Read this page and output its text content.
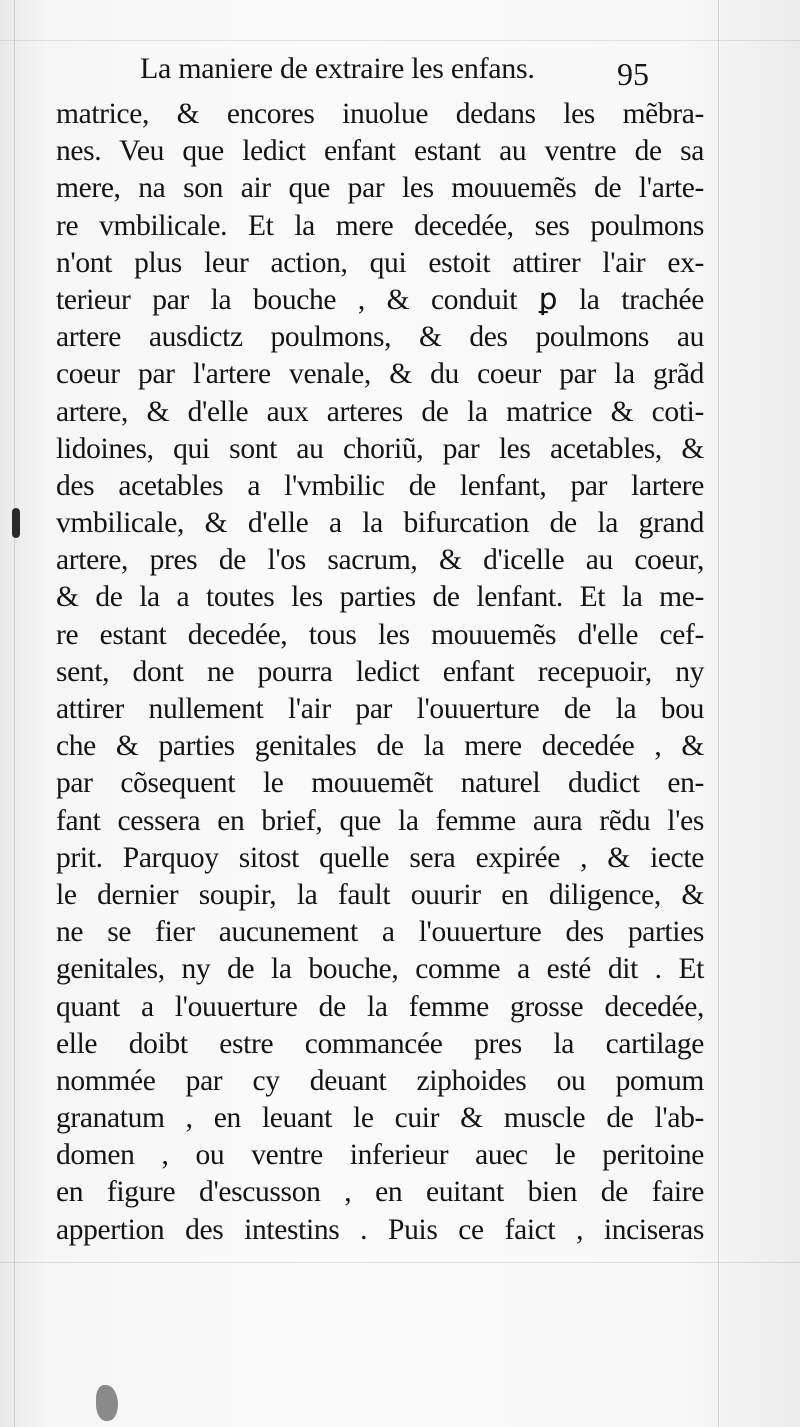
La maniere de extraire les enfans.	95
matrice, & encores inuolue dedans les mẽbra-
nes. Veu que ledict enfant estant au ventre de sa
mere, na son air que par les mouuemẽs de l'arte-
re vmbilicale. Et la mere decedée, ses poulmons
n'ont plus leur action, qui estoit attirer l'air ex-
terieur par la bouche , & conduit ꝑ la trachée
artere ausdictz poulmons, & des poulmons au
coeur par l'artere venale, & du coeur par la grãd
artere, & d'elle aux arteres de la matrice & coti-
lidoines, qui sont au choriũ, par les acetables, &
des acetables a l'vmbilic de lenfant, par lartere
vmbilicale, & d'elle a la bifurcation de la grand
artere, pres de l'os sacrum, & d'icelle au coeur,
& de la a toutes les parties de lenfant. Et la me-
re estant decedée, tous les mouuemẽs d'elle cef-
sent, dont ne pourra ledict enfant recepuoir, ny
attirer nullement l'air par l'ouuerture de la bou
che & parties genitales de la mere decedée , &
par cõsequent le mouuemẽt naturel dudict en-
fant cessera en brief, que la femme aura rẽdu l'es
prit. Parquoy sitost quelle sera expirée , & iecte
le dernier soupir, la fault ouurir en diligence, &
ne se fier aucunement a l'ouuerture des parties
genitales, ny de la bouche, comme a esté dit . Et
quant a l'ouuerture de la femme grosse decedée,
elle doibt estre commancée pres la cartilage
nommée par cy deuant ziphoides ou pomum
granatum , en leuant le cuir & muscle de l'ab-
domen , ou ventre inferieur auec le peritoine
en figure d'escusson , en euitant bien de faire
appertion des intestins . Puis ce faict , inciseras
